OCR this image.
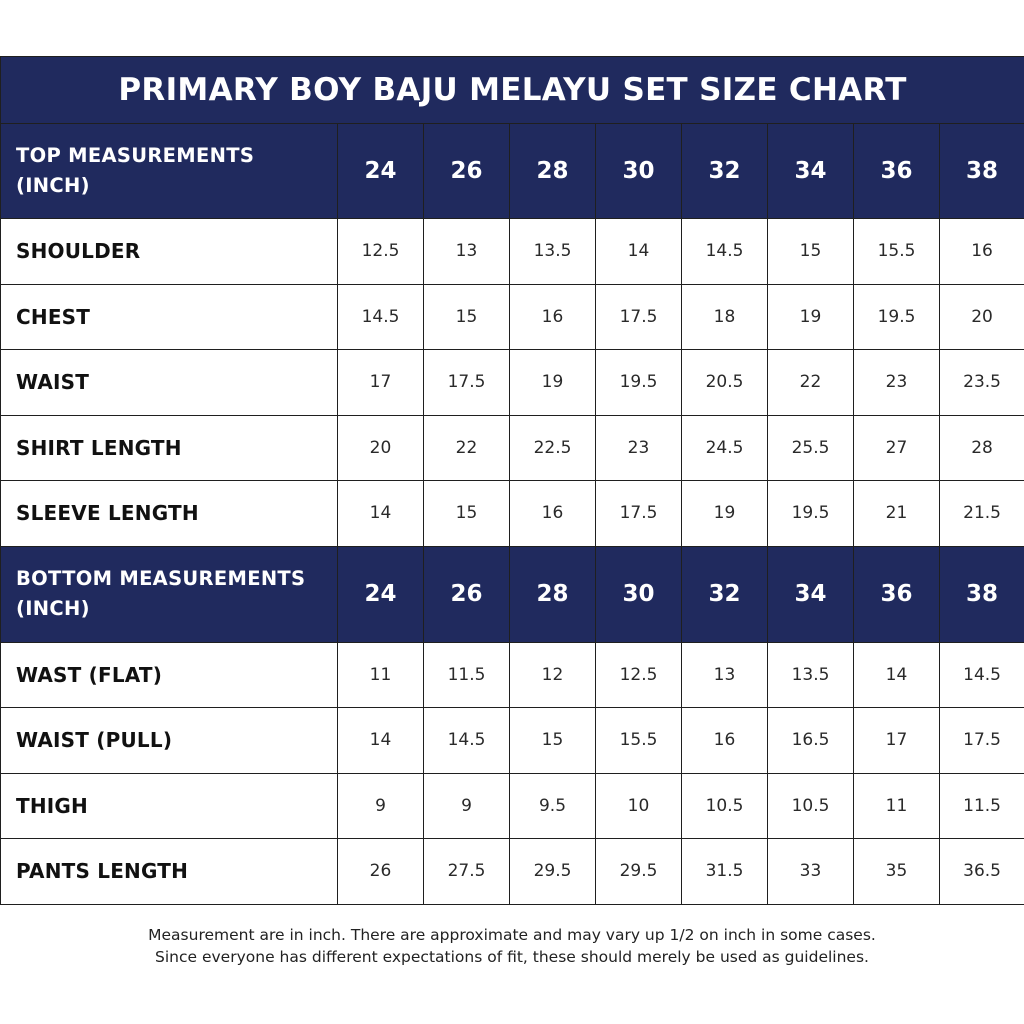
PRIMARY BOY BAJU MELAYU SET SIZE CHART								
TOP MEASUREMENTS
(INCH)	24	26	28	30	32	34	36	38
SHOULDER	12.5	13	13.5	14	14.5	15	15.5	16
CHEST	14.5	15	16	17.5	18	19	19.5	20
WAIST	17	17.5	19	19.5	20.5	22	23	23.5
SHIRT LENGTH	20	22	22.5	23	24.5	25.5	27	28
SLEEVE LENGTH	14	15	16	17.5	19	19.5	21	21.5
BOTTOM MEASUREMENTS
(INCH)	24	26	28	30	32	34	36	38
WAST (FLAT)	11	11.5	12	12.5	13	13.5	14	14.5
WAIST (PULL)	14	14.5	15	15.5	16	16.5	17	17.5
THIGH	9	9	9.5	10	10.5	10.5	11	11.5
PANTS LENGTH	26	27.5	29.5	29.5	31.5	33	35	36.5
Measurement are in inch. There are approximate and may vary up 1/2 on inch in some cases.
Since everyone has different expectations of fit, these should merely be used as guidelines.
